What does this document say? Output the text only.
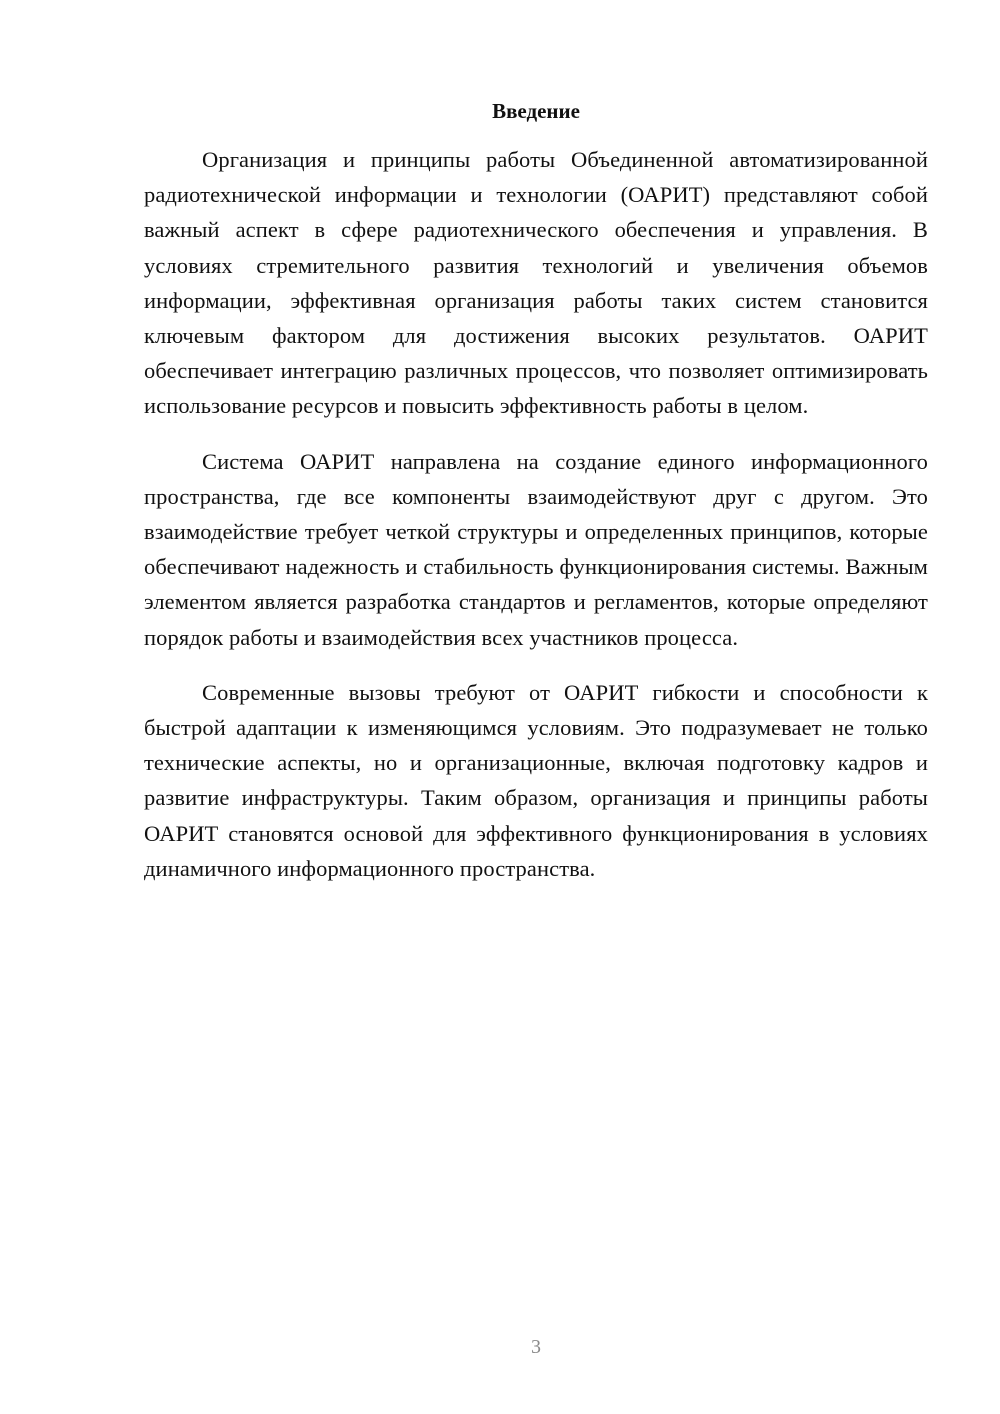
Введение

Организация и принципы работы Объединенной автоматизированной радиотехнической информации и технологии (ОАРИТ) представляют собой важный аспект в сфере радиотехнического обеспечения и управления. В условиях стремительного развития технологий и увеличения объемов информации, эффективная организация работы таких систем становится ключевым фактором для достижения высоких результатов. ОАРИТ обеспечивает интеграцию различных процессов, что позволяет оптимизировать использование ресурсов и повысить эффективность работы в целом.

Система ОАРИТ направлена на создание единого информационного пространства, где все компоненты взаимодействуют друг с другом. Это взаимодействие требует четкой структуры и определенных принципов, которые обеспечивают надежность и стабильность функционирования системы. Важным элементом является разработка стандартов и регламентов, которые определяют порядок работы и взаимодействия всех участников процесса.

Современные вызовы требуют от ОАРИТ гибкости и способности к быстрой адаптации к изменяющимся условиям. Это подразумевает не только технические аспекты, но и организационные, включая подготовку кадров и развитие инфраструктуры. Таким образом, организация и принципы работы ОАРИТ становятся основой для эффективного функционирования в условиях динамичного информационного пространства.

3
